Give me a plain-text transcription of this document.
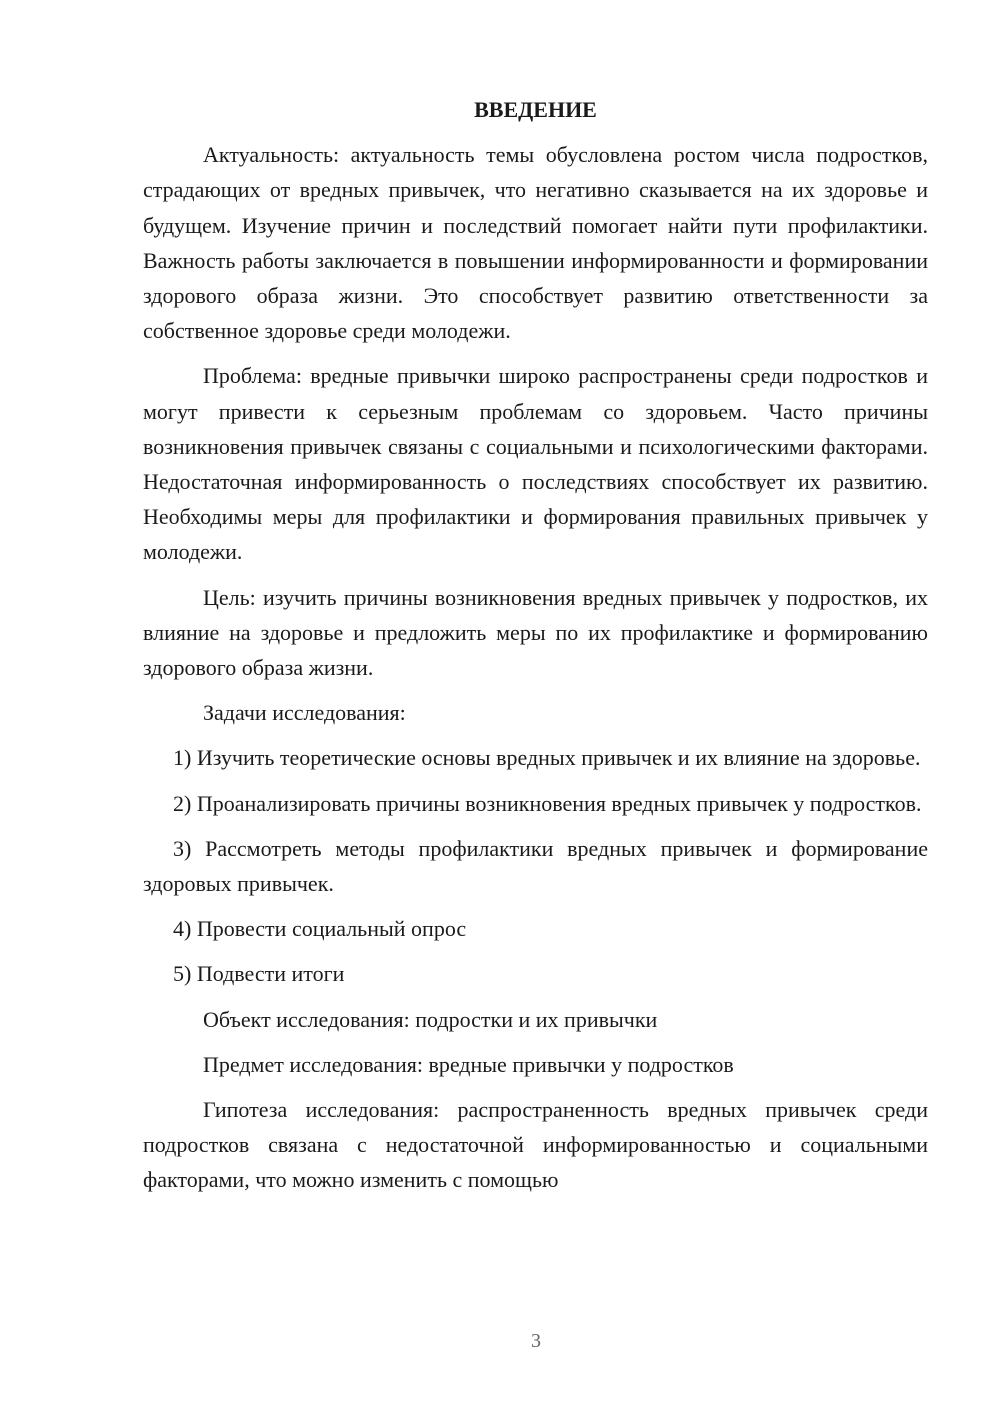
ВВЕДЕНИЕ

Актуальность: актуальность темы обусловлена ростом числа подростков, страдающих от вредных привычек, что негативно сказывается на их здоровье и будущем. Изучение причин и последствий помогает найти пути профилактики. Важность работы заключается в повышении информированности и формировании здорового образа жизни. Это способствует развитию ответственности за собственное здоровье среди молодежи.

Проблема: вредные привычки широко распространены среди подростков и могут привести к серьезным проблемам со здоровьем. Часто причины возникновения привычек связаны с социальными и психологическими факторами. Недостаточная информированность о последствиях способствует их развитию. Необходимы меры для профилактики и формирования правильных привычек у молодежи.

Цель: изучить причины возникновения вредных привычек у подростков, их влияние на здоровье и предложить меры по их профилактике и формированию здорового образа жизни.

Задачи исследования:

1) Изучить теоретические основы вредных привычек и их влияние на здоровье.

2) Проанализировать причины возникновения вредных привычек у подростков.

3) Рассмотреть методы профилактики вредных привычек и формирование здоровых привычек.

4) Провести социальный опрос

5) Подвести итоги

Объект исследования: подростки и их привычки

Предмет исследования: вредные привычки у подростков

Гипотеза исследования: распространенность вредных привычек среди подростков связана с недостаточной информированностью и социальными факторами, что можно изменить с помощью

3
